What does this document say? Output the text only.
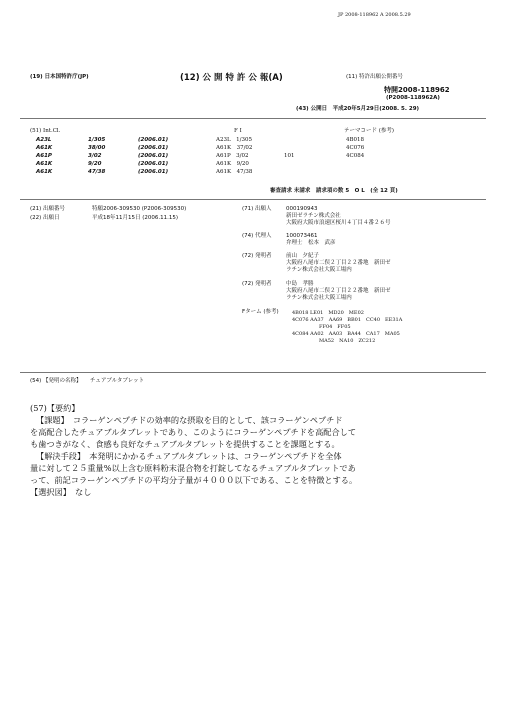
JP 2008-118962 A 2008.5.29
(19) 日本国特許庁(JP)	(12) 公 開 特 許 公 報(A)	(11) 特許出願公開番号
特開2008-118962
(P2008-118962A)
(43) 公開日　平成20年5月29日(2008. 5. 29)
(51) Int.Cl.	F I	テーマコード (参考)
A23L	1/305	(2006.01)	A23L　1/305	4B018
A61K	38/00	(2006.01)	A61K　37/02	4C076
A61P	3/02	(2006.01)	A61P　3/02	101	4C084
A61K	9/20	(2006.01)	A61K　9/20
A61K	47/38	(2006.01)	A61K　47/38
審査請求 未請求　請求項の数 5　O L　(全 12 頁)
(21) 出願番号	特願2006-309530 (P2006-309530)
(22) 出願日	平成18年11月15日 (2006.11.15)
(71) 出願人	000190943
新田ゼラチン株式会社
大阪府大阪市浪速区桜川４丁目４番２６号
(74) 代理人	100073461
弁理士　松本　武彦
(72) 発明者	前山　夕紀子
大阪府八尾市二俣２丁目２２番地　新田ゼ
ラチン株式会社大阪工場内
(72) 発明者	中島　孝勝
大阪府八尾市二俣２丁目２２番地　新田ゼ
ラチン株式会社大阪工場内
Fターム (参考)	4B018 LE01　MD20　ME02
4C076 AA37　AA69　BB01　CC40　EE31A
FF04　FF05
4C084 AA02　AA03　BA44　CA17　MA05
MA52　NA10　ZC212
(54) 【発明の名称】 チュアブルタブレット
(57)【要約】
【課題】　コラーゲンペプチドの効率的な摂取を目的として、該コラーゲンペプチド
を高配合したチュアブルタブレットであり、このようにコラーゲンペプチドを高配合して
も歯つきがなく、食感も良好なチュアブルタブレットを提供することを課題とする。
【解決手段】　本発明にかかるチュアブルタブレットは、コラーゲンペプチドを全体
量に対して２５重量%以上含む原料粉末混合物を打錠してなるチュアブルタブレットであ
って、前記コラーゲンペプチドの平均分子量が４０００以下である、ことを特徴とする。
【選択図】　なし
